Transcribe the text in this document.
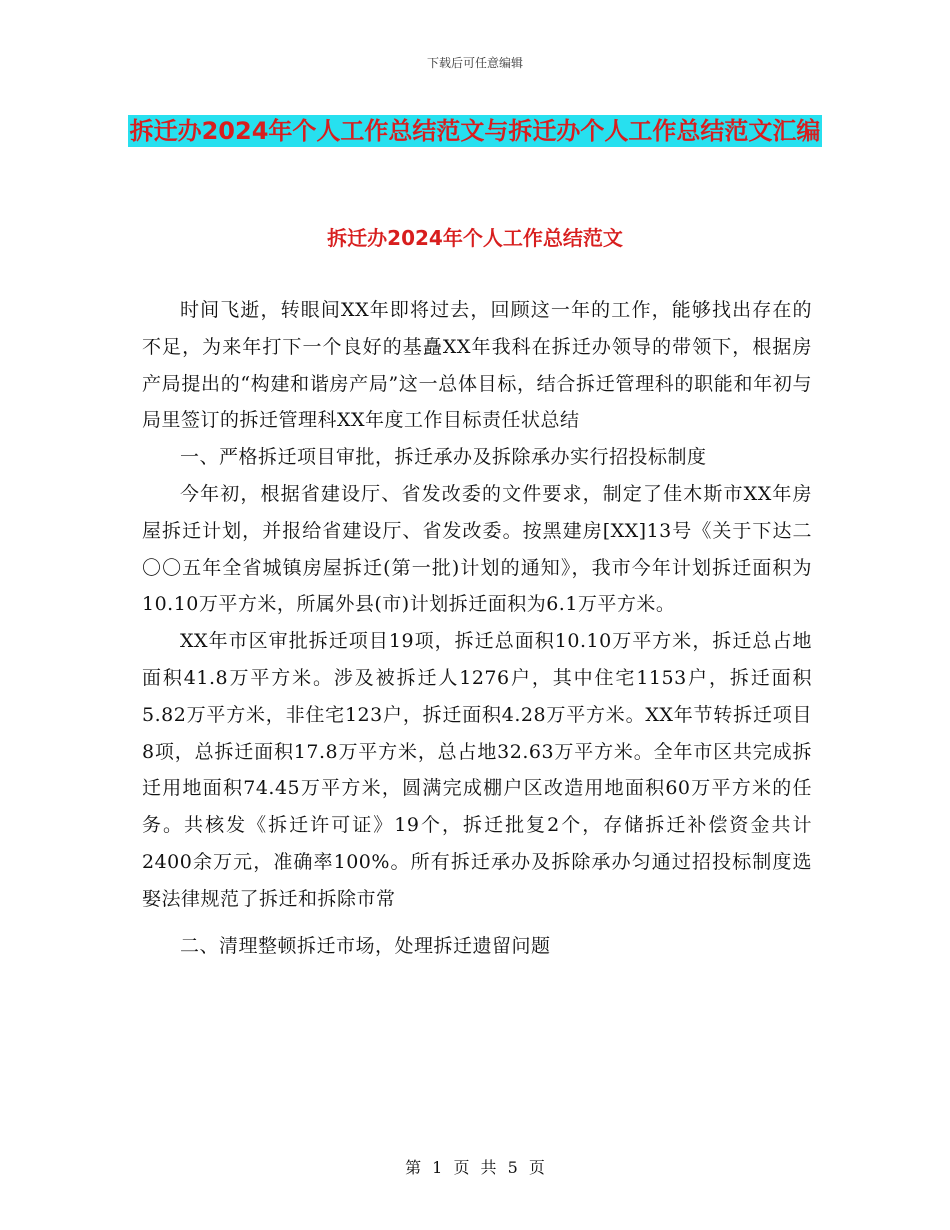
下载后可任意编辑
拆迁办2024年个人工作总结范文与拆迁办个人工作总结范文汇编
拆迁办2024年个人工作总结范文

时间飞逝，转眼间XX年即将过去，回顾这一年的工作，能够找出存在的不足，为来年打下一个良好的基矗XX年我科在拆迁办领导的带领下，根据房产局提出的“构建和谐房产局”这一总体目标，结合拆迁管理科的职能和年初与局里签订的拆迁管理科XX年度工作目标责任状总结

一、严格拆迁项目审批，拆迁承办及拆除承办实行招投标制度

今年初，根据省建设厅、省发改委的文件要求，制定了佳木斯市XX年房屋拆迁计划，并报给省建设厅、省发改委。按黑建房[XX]13号《关于下达二〇〇五年全省城镇房屋拆迁(第一批)计划的通知》，我市今年计划拆迁面积为10.10万平方米，所属外县(市)计划拆迁面积为6.1万平方米。

XX年市区审批拆迁项目19项，拆迁总面积10.10万平方米，拆迁总占地面积41.8万平方米。涉及被拆迁人1276户，其中住宅1153户，拆迁面积5.82万平方米，非住宅123户，拆迁面积4.28万平方米。XX年节转拆迁项目8项，总拆迁面积17.8万平方米，总占地32.63万平方米。全年市区共完成拆迁用地面积74.45万平方米，圆满完成棚户区改造用地面积60万平方米的任务。共核发《拆迁许可证》19个，拆迁批复2个，存储拆迁补偿资金共计2400余万元，准确率100%。所有拆迁承办及拆除承办匀通过招投标制度选娶法律规范了拆迁和拆除市常

二、清理整顿拆迁市场，处理拆迁遗留问题

第 1 页 共 5 页
